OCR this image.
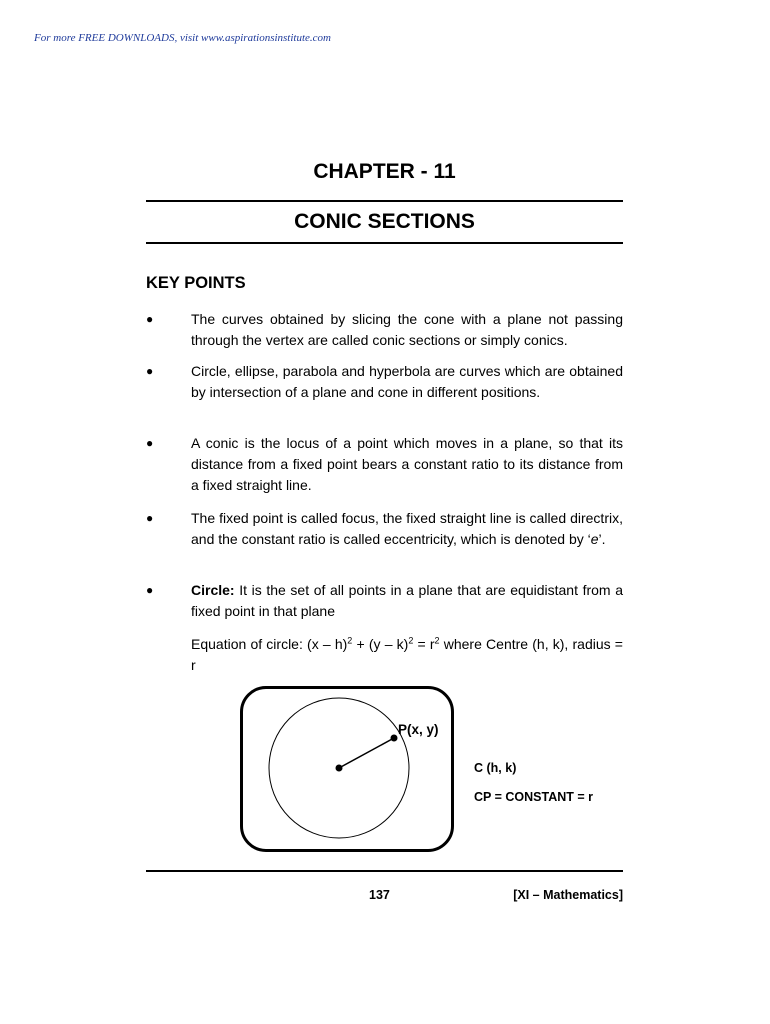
For more FREE DOWNLOADS, visit www.aspirationsinstitute.com
CHAPTER - 11
CONIC SECTIONS
KEY POINTS
●	The curves obtained by slicing the cone with a plane not passing through the vertex are called conic sections or simply conics.
●	Circle, ellipse, parabola and hyperbola are curves which are obtained by intersection of a plane and cone in different positions.
●	A conic is the locus of a point which moves in a plane, so that its distance from a fixed point bears a constant ratio to its distance from a fixed straight line.
●	The fixed point is called focus, the fixed straight line is called directrix, and the constant ratio is called eccentricity, which is denoted by ‘e’.
●	Circle: It is the set of all points in a plane that are equidistant from a fixed point in that plane
Equation of circle: $(x - h)^2 + (y - k)^2 = r^2$ where Centre (h, k), radius = r
P(x, y)
C (h, k)
CP = CONSTANT = r
137	[XI – Mathematics]
